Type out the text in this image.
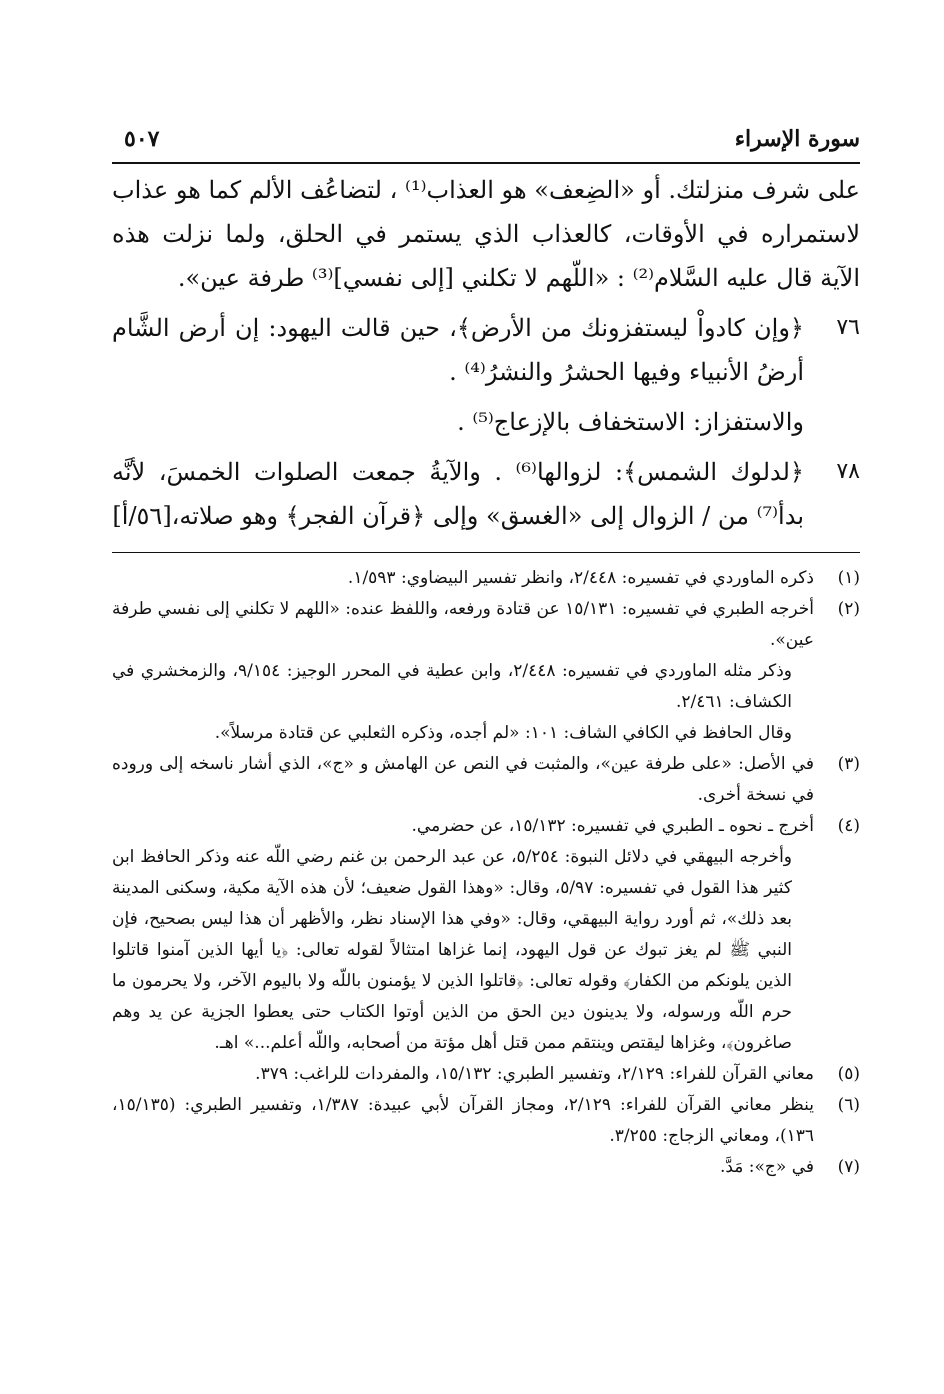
سورة الإسراء
٥٠٧

على شرف منزلتك. أو «الضِعف» هو العذاب⁽¹⁾ ، لتضاعُف الألم كما هو عذاب لاستمراره في الأوقات، كالعذاب الذي يستمر في الحلق، ولما نزلت هذه الآية قال عليه السَّلام⁽²⁾ : «اللّهم لا تكلني [إلى نفسي]⁽³⁾ طرفة عين».

٧٦

﴿وإن كادواْ ليستفزونك من الأرض﴾، حين قالت اليهود: إن أرض الشَّام أرضُ الأنبياء وفيها الحشرُ والنشرُ⁽⁴⁾ .

والاستفزاز: الاستخفاف بالإزعاج⁽⁵⁾ .

٧٨

﴿لدلوك الشمس﴾: لزوالها⁽⁶⁾ . والآيةُ جمعت الصلوات الخمسَ، لأنَّه بدأ⁽⁷⁾ من / الزوال إلى «الغسق» وإلى ﴿قرآن الفجر﴾ وهو صلاته،[٥٦/أ]

(١)

ذكره الماوردي في تفسيره: ٢/٤٤٨، وانظر تفسير البيضاوي: ١/٥٩٣.

(٢)

أخرجه الطبري في تفسيره: ١٥/١٣١ عن قتادة ورفعه، واللفظ عنده: «اللهم لا تكلني إلى نفسي طرفة عين».

وذكر مثله الماوردي في تفسيره: ٢/٤٤٨، وابن عطية في المحرر الوجيز: ٩/١٥٤، والزمخشري في الكشاف: ٢/٤٦١.

وقال الحافظ في الكافي الشاف: ١٠١: «لم أجده، وذكره الثعلبي عن قتادة مرسلاً».

(٣)

في الأصل: «على طرفة عين»، والمثبت في النص عن الهامش و «ج»، الذي أشار ناسخه إلى وروده في نسخة أخرى.

(٤)

أخرج ـ نحوه ـ الطبري في تفسيره: ١٥/١٣٢، عن حضرمي.

وأخرجه البيهقي في دلائل النبوة: ٥/٢٥٤، عن عبد الرحمن بن غنم رضي اللّه عنه وذكر الحافظ ابن كثير هذا القول في تفسيره: ٥/٩٧، وقال: «وهذا القول ضعيف؛ لأن هذه الآية مكية، وسكنى المدينة بعد ذلك»، ثم أورد رواية البيهقي، وقال: «وفي هذا الإسناد نظر، والأظهر أن هذا ليس بصحيح، فإن النبي ﷺ لم يغز تبوك عن قول اليهود، إنما غزاها امتثالاً لقوله تعالى: ﴿يا أيها الذين آمنوا قاتلوا الذين يلونكم من الكفار﴾ وقوله تعالى: ﴿قاتلوا الذين لا يؤمنون باللّه ولا باليوم الآخر، ولا يحرمون ما حرم اللّه ورسوله، ولا يدينون دين الحق من الذين أوتوا الكتاب حتى يعطوا الجزية عن يد وهم صاغرون﴾، وغزاها ليقتص وينتقم ممن قتل أهل مؤتة من أصحابه، واللّه أعلم...» اهـ.

(٥)

معاني القرآن للفراء: ٢/١٢٩، وتفسير الطبري: ١٥/١٣٢، والمفردات للراغب: ٣٧٩.

(٦)

ينظر معاني القرآن للفراء: ٢/١٢٩، ومجاز القرآن لأبي عبيدة: ١/٣٨٧، وتفسير الطبري: (١٥/١٣٥، ١٣٦)، ومعاني الزجاج: ٣/٢٥٥.

(٧)

في «ج»: مَدَّ.
